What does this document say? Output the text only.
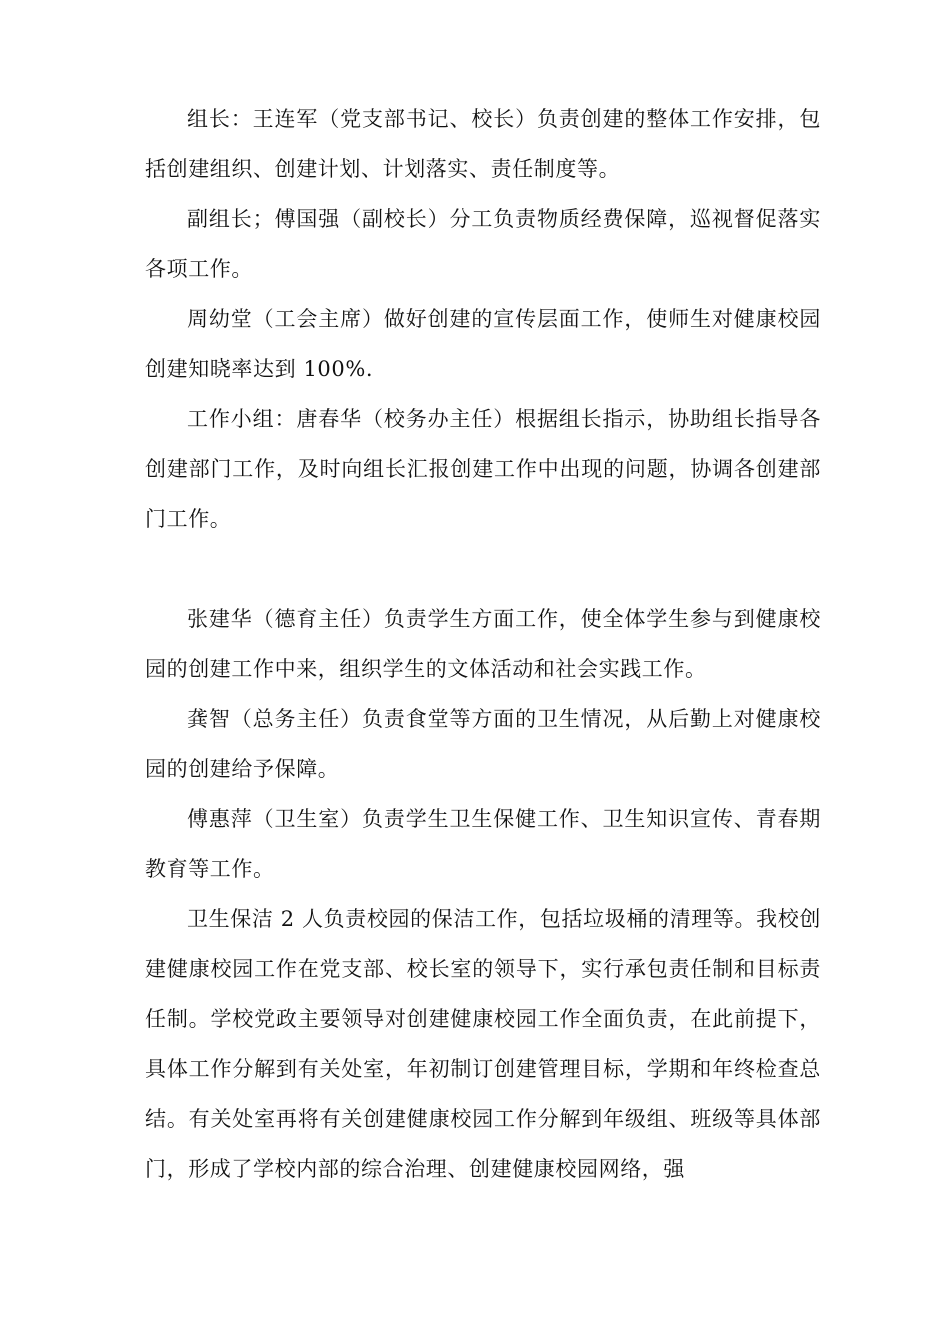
组长：王连军（党支部书记、校长）负责创建的整体工作安排，包括创建组织、创建计划、计划落实、责任制度等。

副组长；傅国强（副校长）分工负责物质经费保障，巡视督促落实各项工作。

周幼堂（工会主席）做好创建的宣传层面工作，使师生对健康校园创建知晓率达到 100%.

工作小组：唐春华（校务办主任）根据组长指示，协助组长指导各创建部门工作，及时向组长汇报创建工作中出现的问题，协调各创建部门工作。

张建华（德育主任）负责学生方面工作，使全体学生参与到健康校园的创建工作中来，组织学生的文体活动和社会实践工作。

龚智（总务主任）负责食堂等方面的卫生情况，从后勤上对健康校园的创建给予保障。

傅惠萍（卫生室）负责学生卫生保健工作、卫生知识宣传、青春期教育等工作。

卫生保洁 2 人负责校园的保洁工作，包括垃圾桶的清理等。我校创建健康校园工作在党支部、校长室的领导下，实行承包责任制和目标责任制。学校党政主要领导对创建健康校园工作全面负责，在此前提下，具体工作分解到有关处室，年初制订创建管理目标，学期和年终检查总结。有关处室再将有关创建健康校园工作分解到年级组、班级等具体部门，形成了学校内部的综合治理、创建健康校园网络，强
